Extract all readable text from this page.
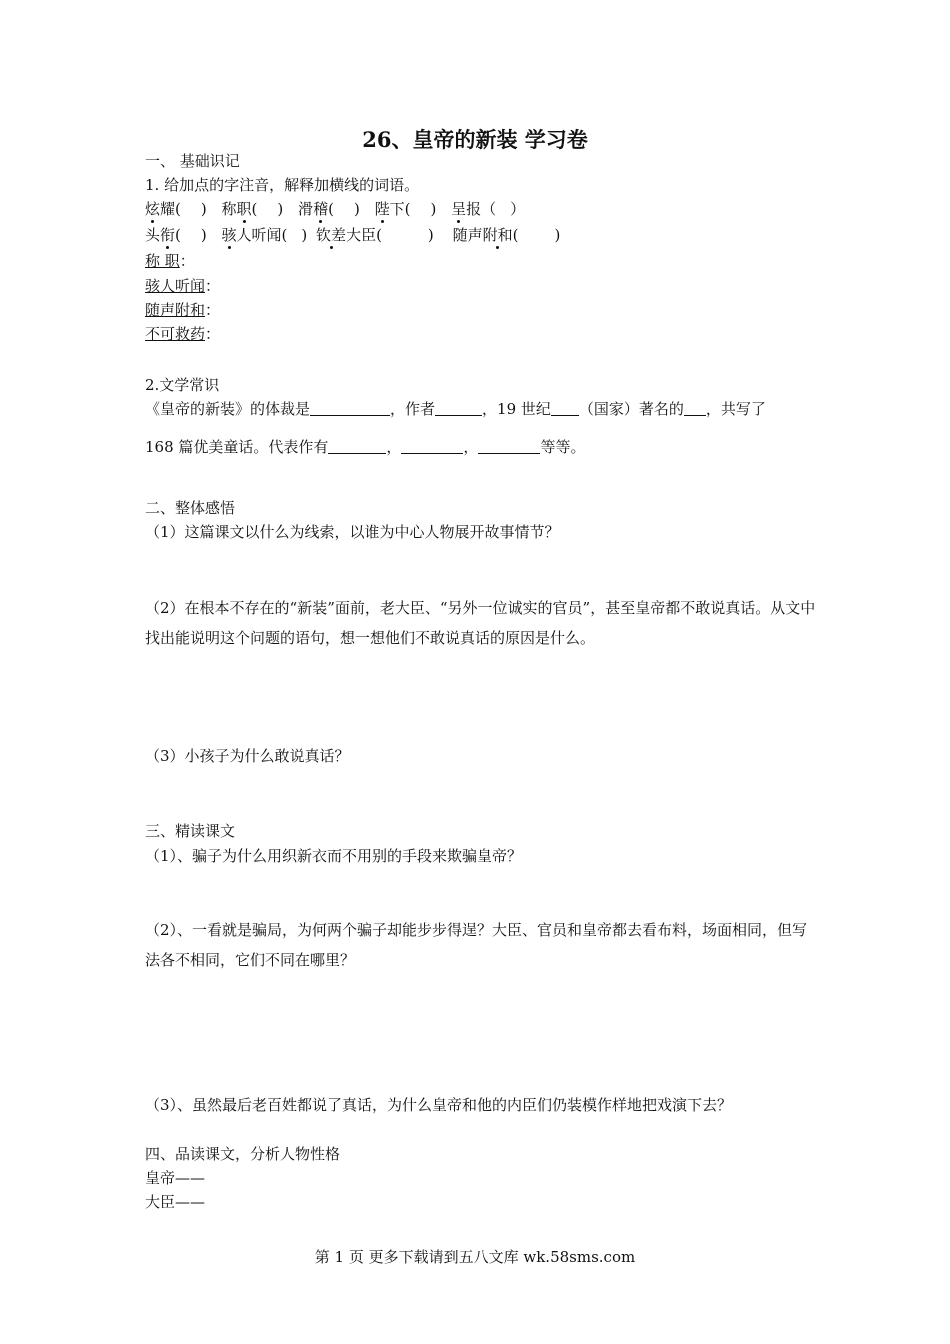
26、皇帝的新装 学习卷
一、 基础识记
1. 给加点的字注音，解释加横线的词语。
炫耀( ) 称职( ) 滑稽( ) 陛下( ) 呈报（ ）
头衔( ) 骇人听闻( ) 钦差大臣(	) 随声附和( )
称 职：
骇人听闻：
随声附和：
不可救药：
2.文学常识
《皇帝的新装》的体裁是	，作者	，19 世纪 （国家）著名的 ，共写了
168 篇优美童话。代表作有	，	，	等等。
二、整体感悟
（1）这篇课文以什么为线索，以谁为中心人物展开故事情节？
（2）在根本不存在的“新装”面前，老大臣、“另外一位诚实的官员”，甚至皇帝都不敢说真话。从文中找出能说明这个问题的语句，想一想他们不敢说真话的原因是什么。
（3）小孩子为什么敢说真话？
三、精读课文
（1）、骗子为什么用织新衣而不用别的手段来欺骗皇帝？
（2）、一看就是骗局，为何两个骗子却能步步得逞？大臣、官员和皇帝都去看布料，场面相同，但写法各不相同，它们不同在哪里？
（3）、虽然最后老百姓都说了真话，为什么皇帝和他的内臣们仍装模作样地把戏演下去？
四、品读课文，分析人物性格
皇帝——
大臣——
第 1 页 更多下载请到五八文库 wk.58sms.com
